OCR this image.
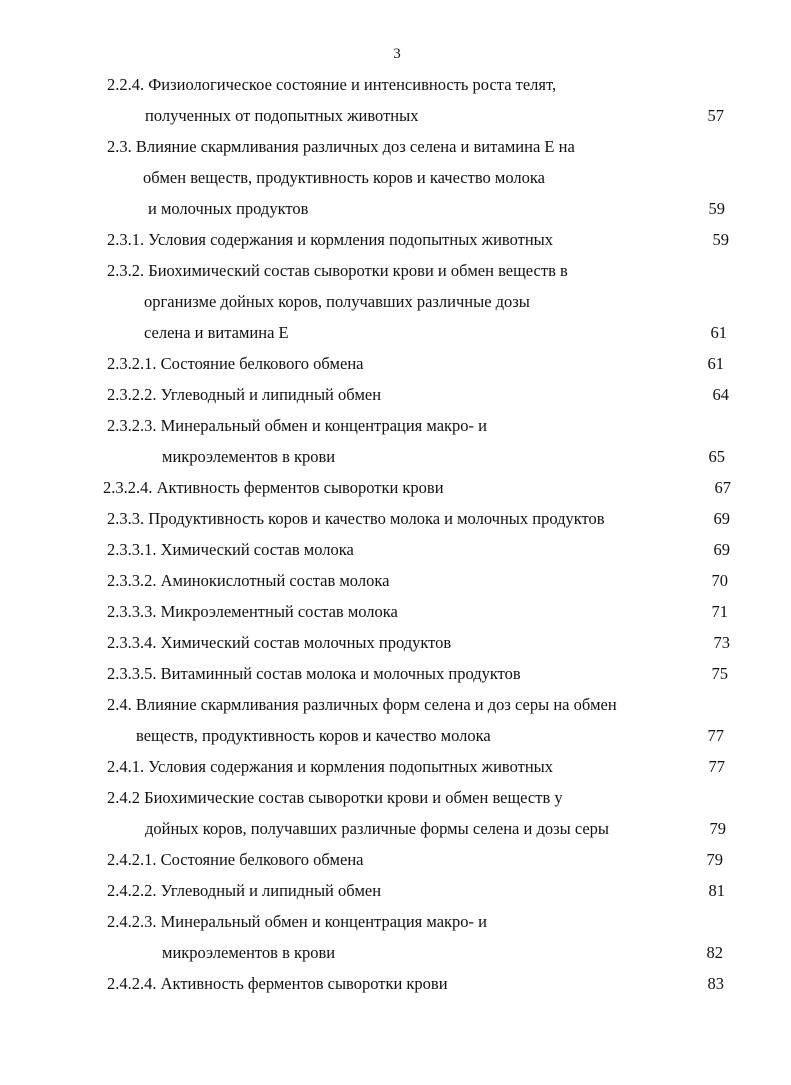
3
2.2.4. Физиологическое состояние и интенсивность роста телят,
полученных от подопытных животных	57
2.3. Влияние скармливания различных доз селена и витамина Е на
обмен веществ, продуктивность коров и качество молока
и молочных продуктов	59
2.3.1. Условия содержания и кормления подопытных животных	59
2.3.2. Биохимический состав сыворотки крови и обмен веществ в
организме дойных коров, получавших различные дозы
селена и витамина Е	61
2.3.2.1. Состояние белкового обмена	61
2.3.2.2. Углеводный и липидный обмен	64
2.3.2.3. Минеральный обмен и концентрация макро- и
микроэлементов в крови	65
2.3.2.4. Активность ферментов сыворотки крови	67
2.3.3. Продуктивность коров и качество молока и молочных продуктов	69
2.3.3.1. Химический состав молока	69
2.3.3.2. Аминокислотный состав молока	70
2.3.3.3. Микроэлементный состав молока	71
2.3.3.4. Химический состав молочных продуктов	73
2.3.3.5. Витаминный состав молока и молочных продуктов	75
2.4. Влияние скармливания различных форм селена и доз серы на обмен
веществ, продуктивность коров и качество молока	77
2.4.1. Условия содержания и кормления подопытных животных	77
2.4.2 Биохимические состав сыворотки крови и обмен веществ у
дойных коров, получавших различные формы селена и дозы серы	79
2.4.2.1. Состояние белкового обмена	79
2.4.2.2. Углеводный и липидный обмен	81
2.4.2.3. Минеральный обмен и концентрация макро- и
микроэлементов в крови	82
2.4.2.4. Активность ферментов сыворотки крови	83
